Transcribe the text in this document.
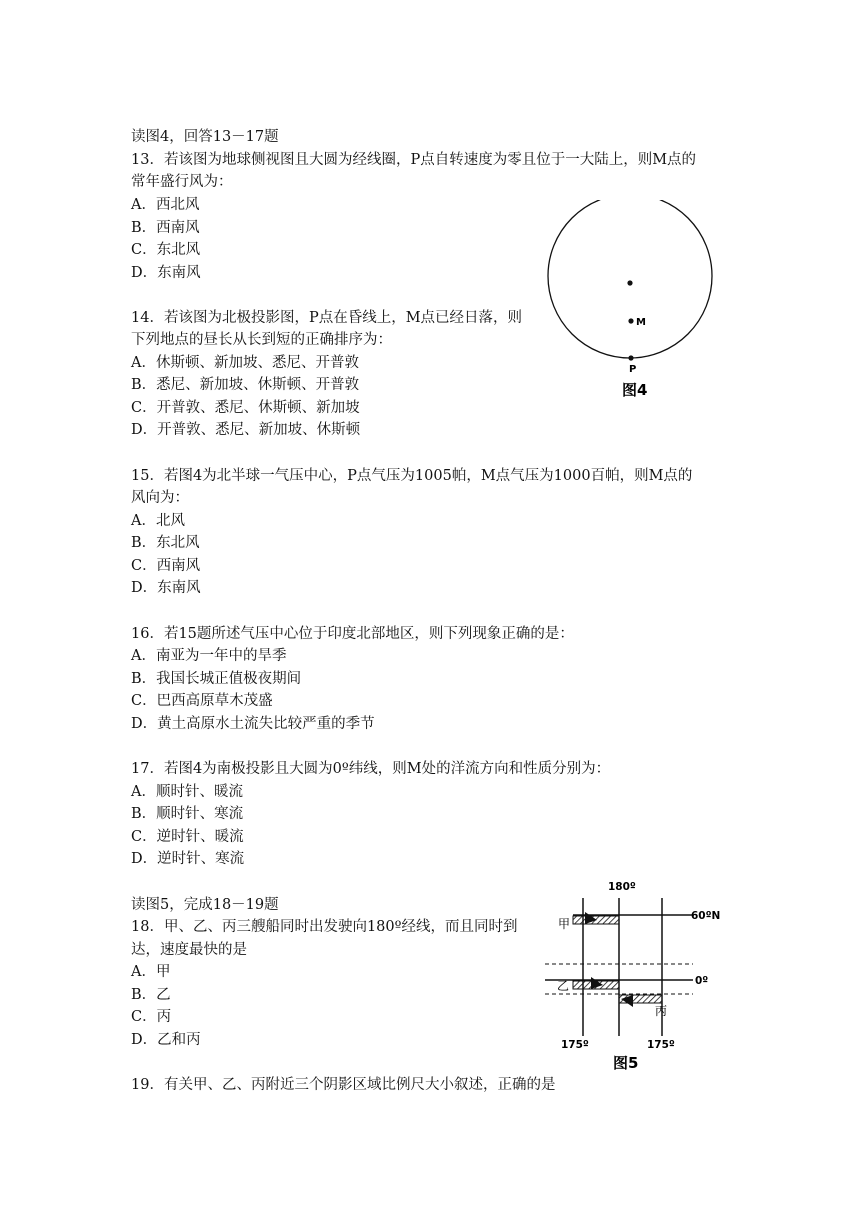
读图4，回答13－17题
13．若该图为地球侧视图且大圆为经线圈，P点自转速度为零且位于一大陆上，则M点的
常年盛行风为：
A．西北风
B．西南风
C．东北风
D．东南风
14．若该图为北极投影图，P点在昏线上，M点已经日落，则
下列地点的昼长从长到短的正确排序为：
A．休斯顿、新加坡、悉尼、开普敦
B．悉尼、新加坡、休斯顿、开普敦
C．开普敦、悉尼、休斯顿、新加坡
D．开普敦、悉尼、新加坡、休斯顿
15．若图4为北半球一气压中心，P点气压为1005帕，M点气压为1000百帕，则M点的
风向为：
A．北风
B．东北风
C．西南风
D．东南风
16．若15题所述气压中心位于印度北部地区，则下列现象正确的是：
A．南亚为一年中的旱季
B．我国长城正值极夜期间
C．巴西高原草木茂盛
D．黄土高原水土流失比较严重的季节
17．若图4为南极投影且大圆为0º纬线，则M处的洋流方向和性质分别为：
A．顺时针、暖流
B．顺时针、寒流
C．逆时针、暖流
D．逆时针、寒流
M
P
图4
读图5，完成18－19题
18．甲、乙、丙三艘船同时出发驶向180º经线，而且同时到
达，速度最快的是
A．甲
B．乙
C．丙
D．乙和丙
19．有关甲、乙、丙附近三个阴影区域比例尺大小叙述，正确的是
180º
60ºN
0º
甲
乙
丙
175º	175º
图5
